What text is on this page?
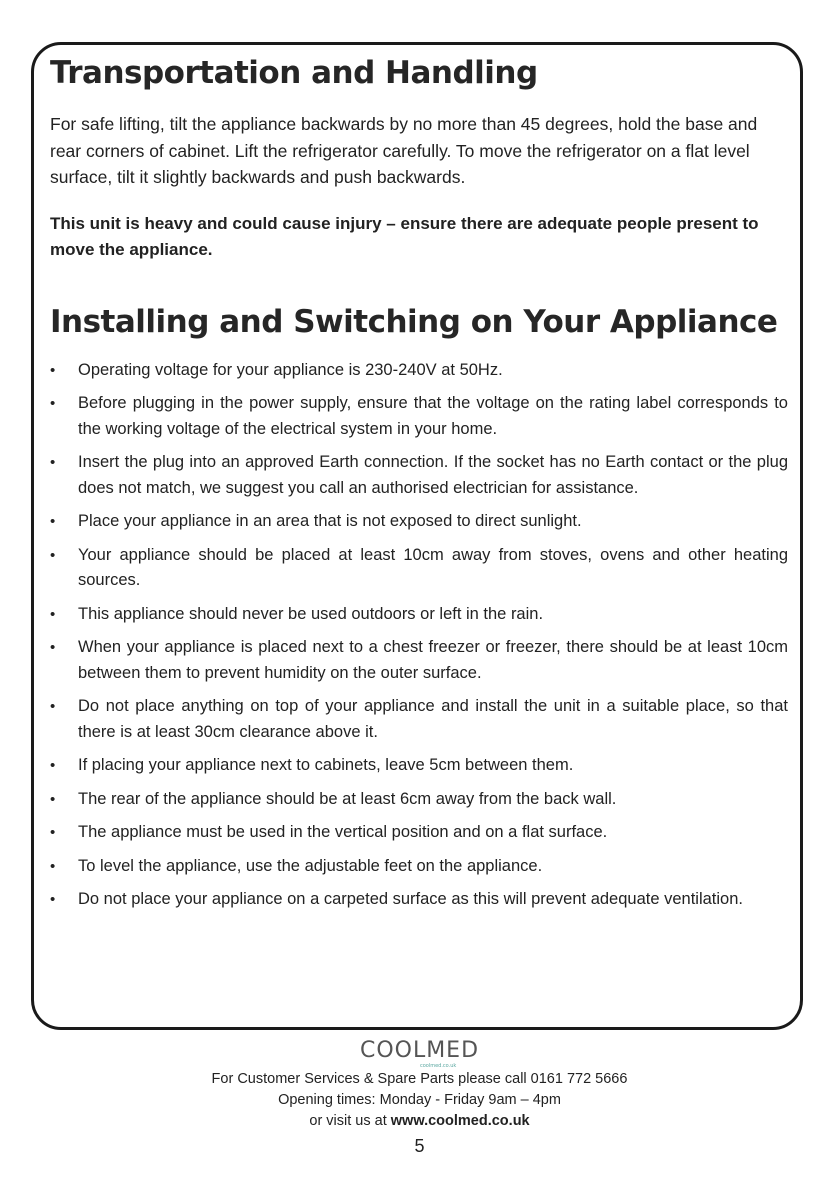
Transportation and Handling

For safe lifting, tilt the appliance backwards by no more than 45 degrees, hold the base and rear corners of cabinet. Lift the refrigerator carefully. To move the refrigerator on a flat level surface, tilt it slightly backwards and push backwards.

This unit is heavy and could cause injury – ensure there are adequate people present to move the appliance.

Installing and Switching on Your Appliance
• Operating voltage for your appliance is 230-240V at 50Hz.
• Before plugging in the power supply, ensure that the voltage on the rating label corresponds to the working voltage of the electrical system in your home.
• Insert the plug into an approved Earth connection. If the socket has no Earth contact or the plug does not match, we suggest you call an authorised electrician for assistance.
• Place your appliance in an area that is not exposed to direct sunlight.
• Your appliance should be placed at least 10cm away from stoves, ovens and other heating sources.
• This appliance should never be used outdoors or left in the rain.
• When your appliance is placed next to a chest freezer or freezer, there should be at least 10cm between them to prevent humidity on the outer surface.
• Do not place anything on top of your appliance and install the unit in a suitable place, so that there is at least 30cm clearance above it.
• If placing your appliance next to cabinets, leave 5cm between them.
• The rear of the appliance should be at least 6cm away from the back wall.
• The appliance must be used in the vertical position and on a flat surface.
• To level the appliance, use the adjustable feet on the appliance.
• Do not place your appliance on a carpeted surface as this will prevent adequate ventilation.
COOLMED
coolmed.co.uk
For Customer Services & Spare Parts please call 0161 772 5666
Opening times: Monday - Friday 9am – 4pm
or visit us at www.coolmed.co.uk
5
